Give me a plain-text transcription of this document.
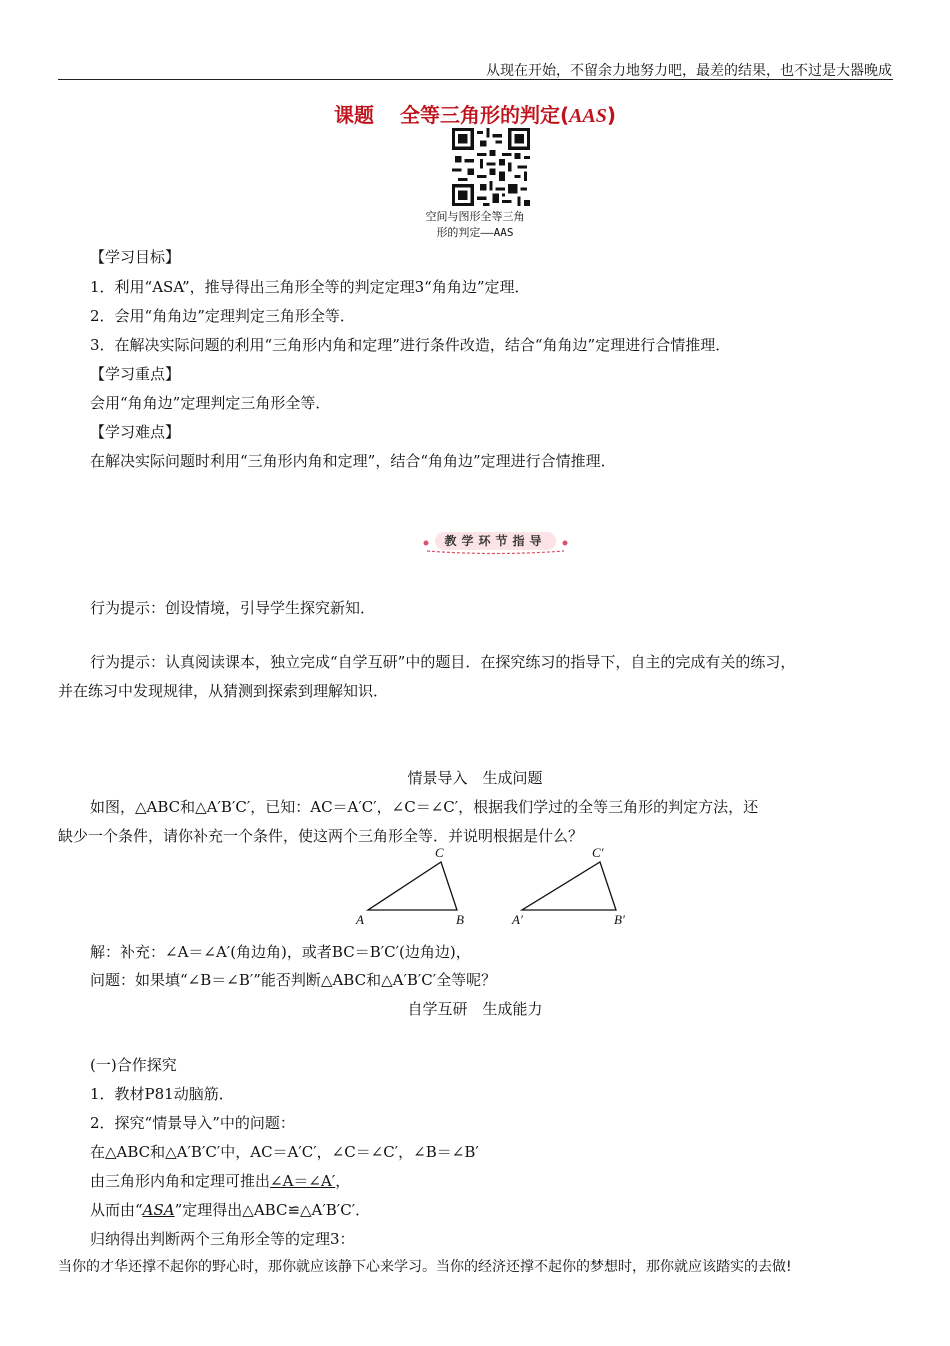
从现在开始，不留余力地努力吧，最差的结果，也不过是大器晚成
课题 全等三角形的判定(AAS)
空间与图形全等三角
形的判定——AAS
【学习目标】
1．利用“ASA”，推导得出三角形全等的判定定理3“角角边”定理．
2．会用“角角边”定理判定三角形全等．
3．在解决实际问题的利用“三角形内角和定理”进行条件改造，结合“角角边”定理进行合情推理．
【学习重点】
会用“角角边”定理判定三角形全等．
【学习难点】
在解决实际问题时利用“三角形内角和定理”，结合“角角边”定理进行合情推理．
教学环节指导
行为提示：创设情境，引导学生探究新知．
行为提示：认真阅读课本，独立完成“自学互研”中的题目．在探究练习的指导下，自主的完成有关的练习，
并在练习中发现规律，从猜测到探索到理解知识．
情景导入　生成问题
如图，△ABC和△A′B′C′，已知：AC＝A′C′，∠C＝∠C′，根据我们学过的全等三角形的判定方法，还
缺少一个条件，请你补充一个条件，使这两个三角形全等．并说明根据是什么？
A	B
C
A′	B′
C′
解：补充：∠A＝∠A′(角边角)，或者BC＝B′C′(边角边)，
问题：如果填“∠B＝∠B′”能否判断△ABC和△A′B′C′全等呢？
自学互研　生成能力
(一)合作探究
1．教材P81动脑筋．
2．探究“情景导入”中的问题：
在△ABC和△A′B′C′中，AC＝A′C′，∠C＝∠C′，∠B＝∠B′
由三角形内角和定理可推出∠A＝∠A′，
从而由“ASA”定理得出△ABC≌△A′B′C′．
归纳得出判断两个三角形全等的定理3：
当你的才华还撑不起你的野心时，那你就应该静下心来学习。当你的经济还撑不起你的梦想时，那你就应该踏实的去做!
